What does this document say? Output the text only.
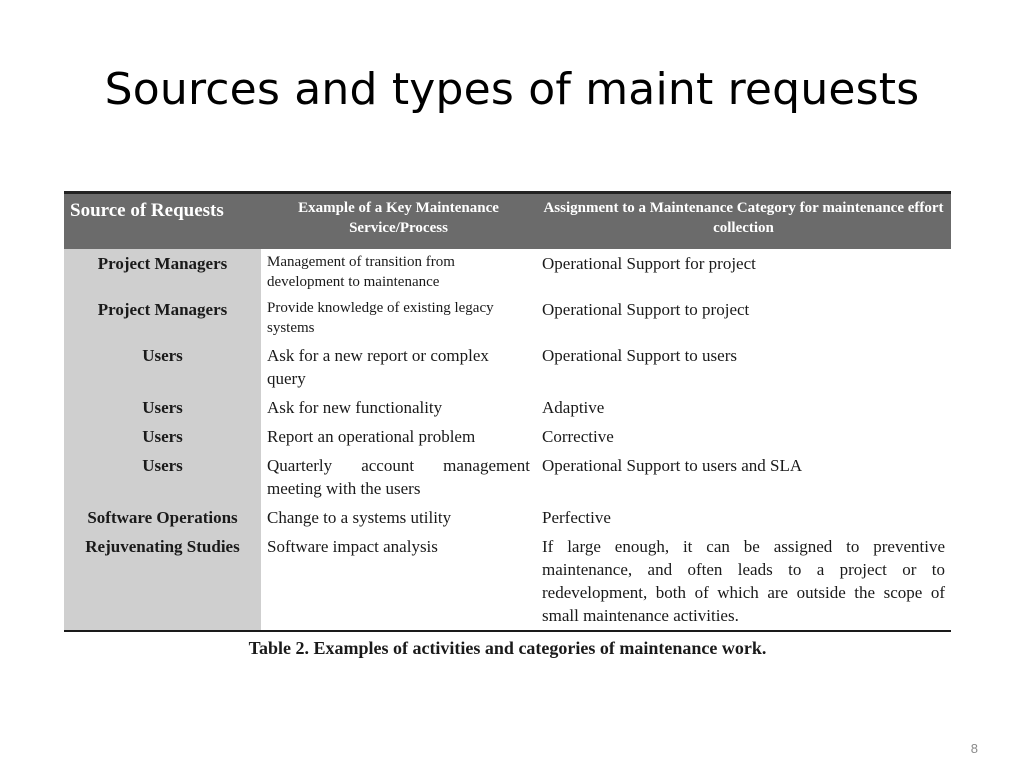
Sources and types of maint requests
Source of Requests	Example of a Key Maintenance Service/Process	Assignment to a Maintenance Category for maintenance effort collection
Project Managers	Management of transition from development to maintenance	Operational Support for project
Project Managers	Provide knowledge of existing legacy systems	Operational Support to project
Users	Ask for a new report or complex query	Operational Support to users
Users	Ask for new functionality	Adaptive
Users	Report an operational problem	Corrective
Users	Quarterly account management meeting with the users	Operational Support to users and SLA
Software Operations	Change to a systems utility	Perfective
Rejuvenating Studies	Software impact analysis	If large enough, it can be assigned to preventive maintenance, and often leads to a project or to redevelopment, both of which are outside the scope of small maintenance activities.
Table 2. Examples of activities and categories of maintenance work.
8
